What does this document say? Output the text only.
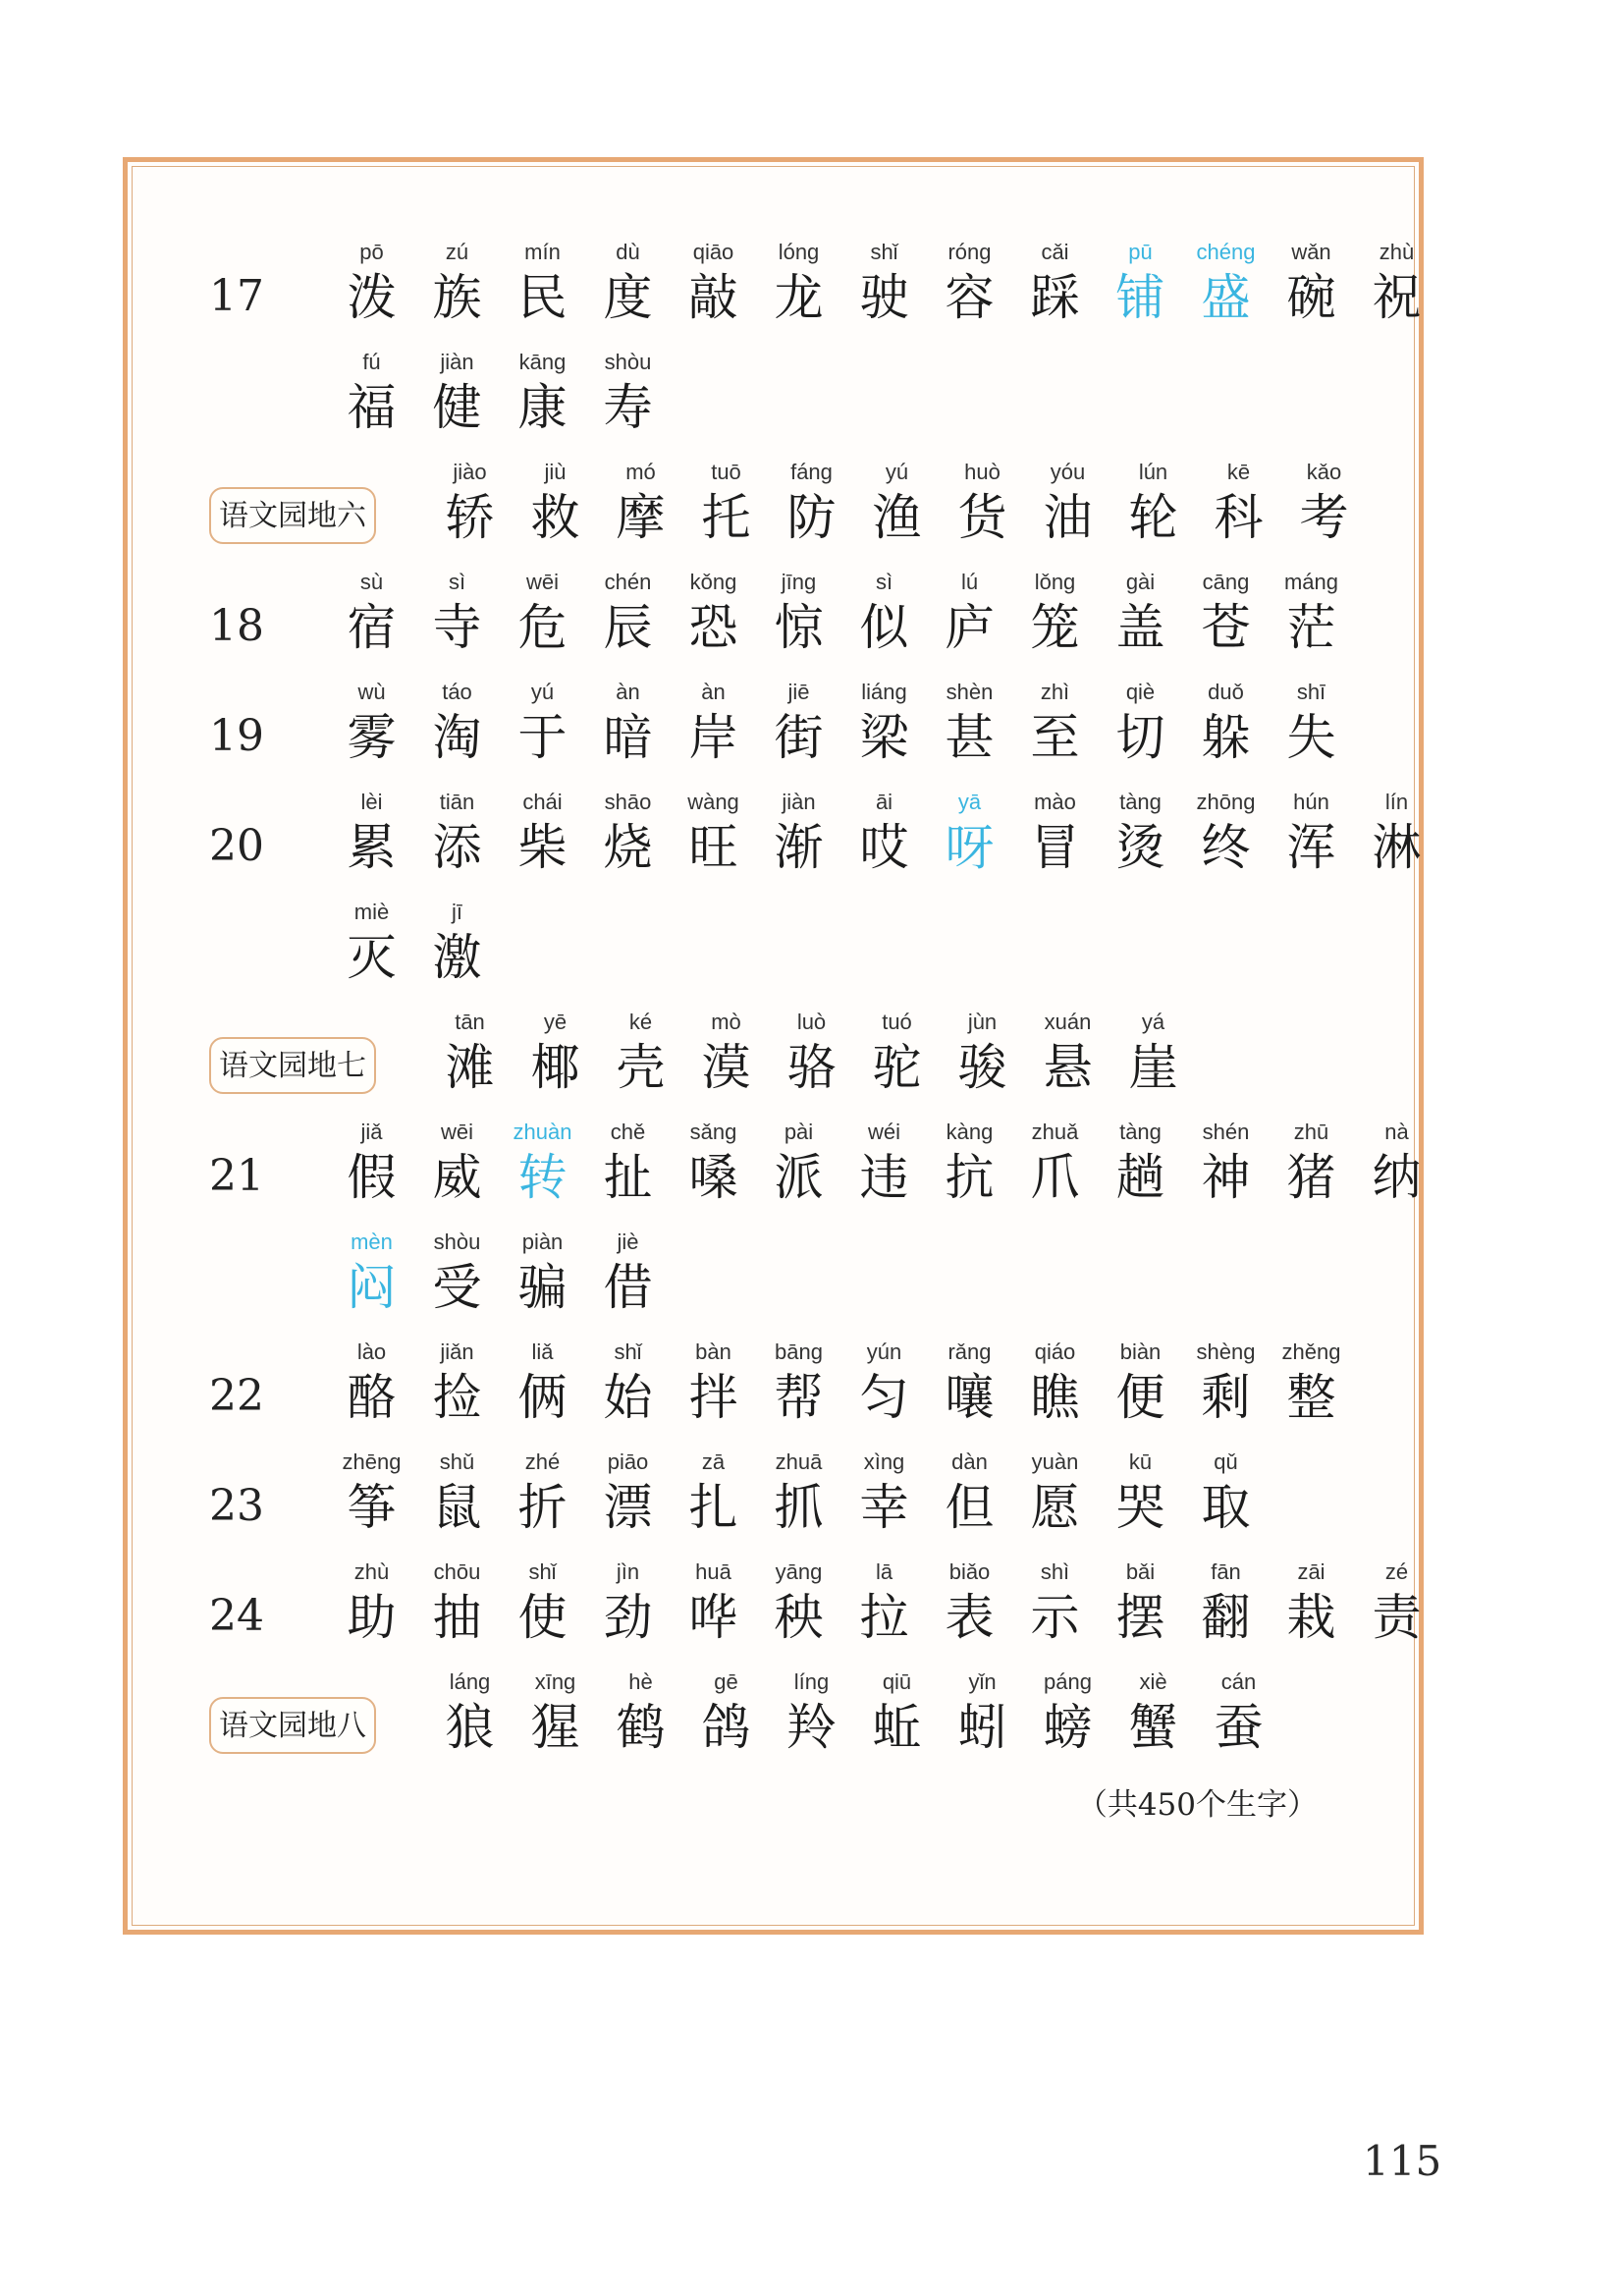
17
pō
泼
zú
族
mín
民
dù
度
qiāo
敲
lóng
龙
shǐ
驶
róng
容
cǎi
踩
pū
铺
chéng
盛
wǎn
碗
zhù
祝
fú
福
jiàn
健
kāng
康
shòu
寿
语文园地六
jiào
轿
jiù
救
mó
摩
tuō
托
fáng
防
yú
渔
huò
货
yóu
油
lún
轮
kē
科
kǎo
考
18
sù
宿
sì
寺
wēi
危
chén
辰
kǒng
恐
jīng
惊
sì
似
lú
庐
lǒng
笼
gài
盖
cāng
苍
máng
茫
19
wù
雾
táo
淘
yú
于
àn
暗
àn
岸
jiē
街
liáng
梁
shèn
甚
zhì
至
qiè
切
duǒ
躲
shī
失
20
lèi
累
tiān
添
chái
柴
shāo
烧
wàng
旺
jiàn
渐
āi
哎
yā
呀
mào
冒
tàng
烫
zhōng
终
hún
浑
lín
淋
miè
灭
jī
激
语文园地七
tān
滩
yē
椰
ké
壳
mò
漠
luò
骆
tuó
驼
jùn
骏
xuán
悬
yá
崖
21
jiǎ
假
wēi
威
zhuàn
转
chě
扯
sǎng
嗓
pài
派
wéi
违
kàng
抗
zhuǎ
爪
tàng
趟
shén
神
zhū
猪
nà
纳
mèn
闷
shòu
受
piàn
骗
jiè
借
22
lào
酪
jiǎn
捡
liǎ
俩
shǐ
始
bàn
拌
bāng
帮
yún
匀
rǎng
嚷
qiáo
瞧
biàn
便
shèng
剩
zhěng
整
23
zhēng
筝
shǔ
鼠
zhé
折
piāo
漂
zā
扎
zhuā
抓
xìng
幸
dàn
但
yuàn
愿
kū
哭
qǔ
取
24
zhù
助
chōu
抽
shǐ
使
jìn
劲
huā
哗
yāng
秧
lā
拉
biǎo
表
shì
示
bǎi
摆
fān
翻
zāi
栽
zé
责
语文园地八
láng
狼
xīng
猩
hè
鹤
gē
鸽
líng
羚
qiū
蚯
yǐn
蚓
páng
螃
xiè
蟹
cán
蚕
（共450个生字）
115
